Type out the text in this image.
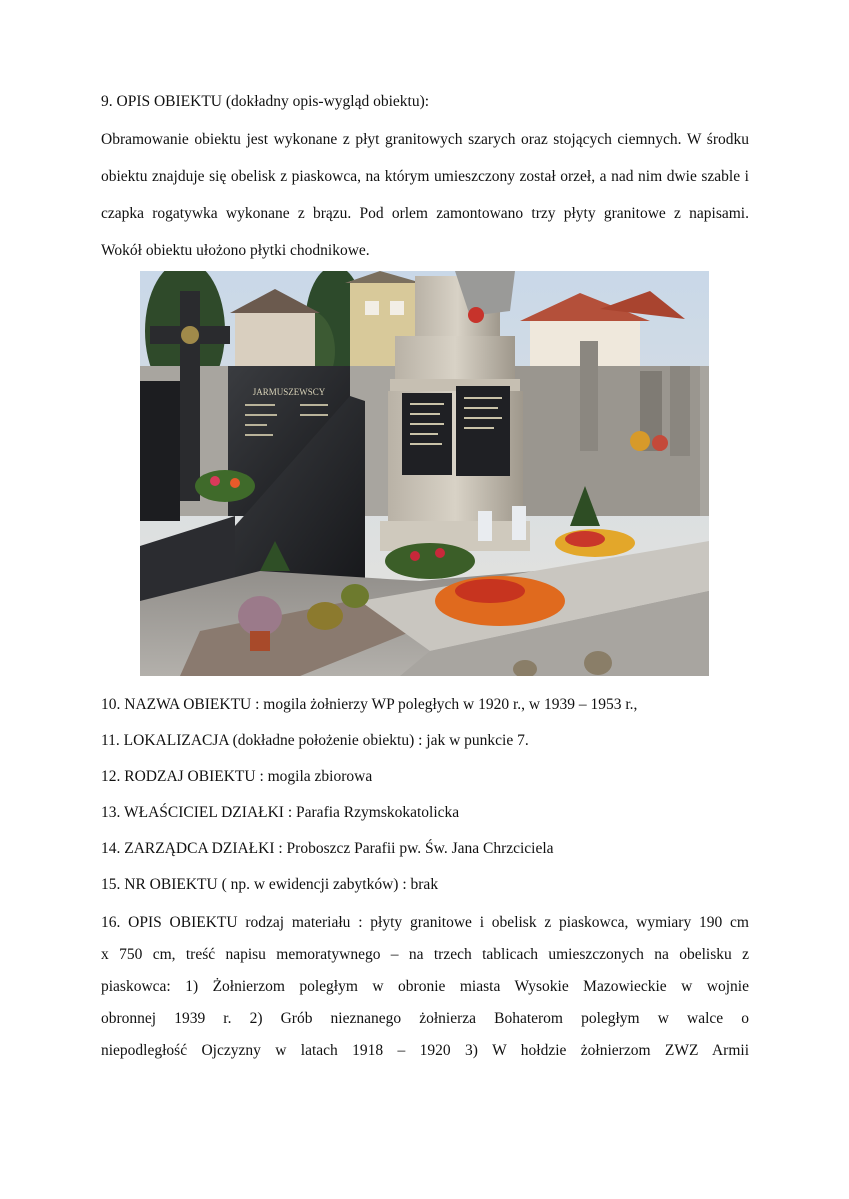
9. OPIS OBIEKTU (dokładny opis-wygląd obiektu):
Obramowanie obiektu jest wykonane z płyt granitowych szarych oraz stojących ciemnych. W środku
obiektu znajduje się obelisk z piaskowca, na którym umieszczony został orzeł, a nad nim dwie szable i
czapka rogatywka wykonane z brązu. Pod orlem zamontowano trzy płyty granitowe z napisami.
Wokół obiektu ułożono płytki chodnikowe.
JARMUSZEWSCY
10. NAZWA OBIEKTU : mogila żołnierzy WP poległych w 1920 r., w 1939 – 1953 r.,
11. LOKALIZACJA (dokładne położenie obiektu) : jak w punkcie 7.
12. RODZAJ OBIEKTU : mogila zbiorowa
13. WŁAŚCICIEL DZIAŁKI : Parafia Rzymskokatolicka
14. ZARZĄDCA DZIAŁKI : Proboszcz Parafii pw. Św. Jana Chrzciciela
15. NR OBIEKTU ( np. w ewidencji zabytków) : brak
16. OPIS OBIEKTU rodzaj materiału : płyty granitowe i obelisk z piaskowca, wymiary 190 cm
x 750 cm, treść napisu memoratywnego – na trzech tablicach umieszczonych na obelisku z
piaskowca: 1) Żołnierzom poległym w obronie miasta Wysokie Mazowieckie w wojnie
obronnej 1939 r. 2) Grób nieznanego żołnierza Bohaterom poległym w walce o
niepodległość Ojczyzny w latach 1918 – 1920 3) W hołdzie żołnierzom ZWZ Armii
